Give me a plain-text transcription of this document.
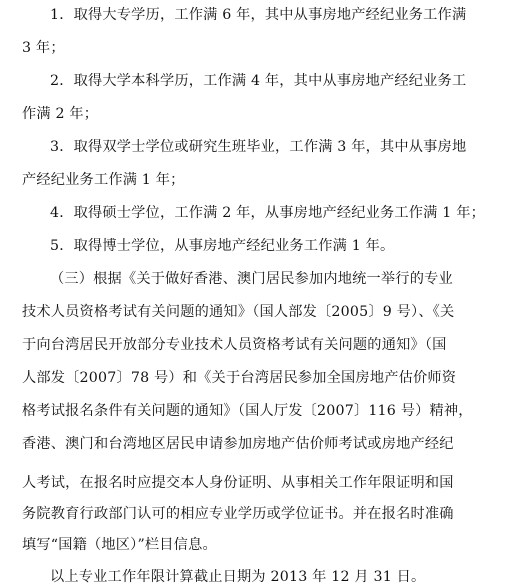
1．取得大专学历，工作满 6 年，其中从事房地产经纪业务工作满
3 年；
2．取得大学本科学历，工作满 4 年，其中从事房地产经纪业务工
作满 2 年；
3．取得双学士学位或研究生班毕业，工作满 3 年，其中从事房地
产经纪业务工作满 1 年；
4．取得硕士学位，工作满 2 年，从事房地产经纪业务工作满 1 年；
5．取得博士学位，从事房地产经纪业务工作满 1 年。
（三）根据《关于做好香港、澳门居民参加内地统一举行的专业
技术人员资格考试有关问题的通知》（国人部发〔2005〕9 号）、《关
于向台湾居民开放部分专业技术人员资格考试有关问题的通知》（国
人部发〔2007〕78 号）和《关于台湾居民参加全国房地产估价师资
格考试报名条件有关问题的通知》（国人厅发〔2007〕116 号）精神，
香港、澳门和台湾地区居民申请参加房地产估价师考试或房地产经纪
人考试，在报名时应提交本人身份证明、从事相关工作年限证明和国
务院教育行政部门认可的相应专业学历或学位证书。并在报名时准确
填写“国籍（地区）”栏目信息。
以上专业工作年限计算截止日期为 2013 年 12 月 31 日。
